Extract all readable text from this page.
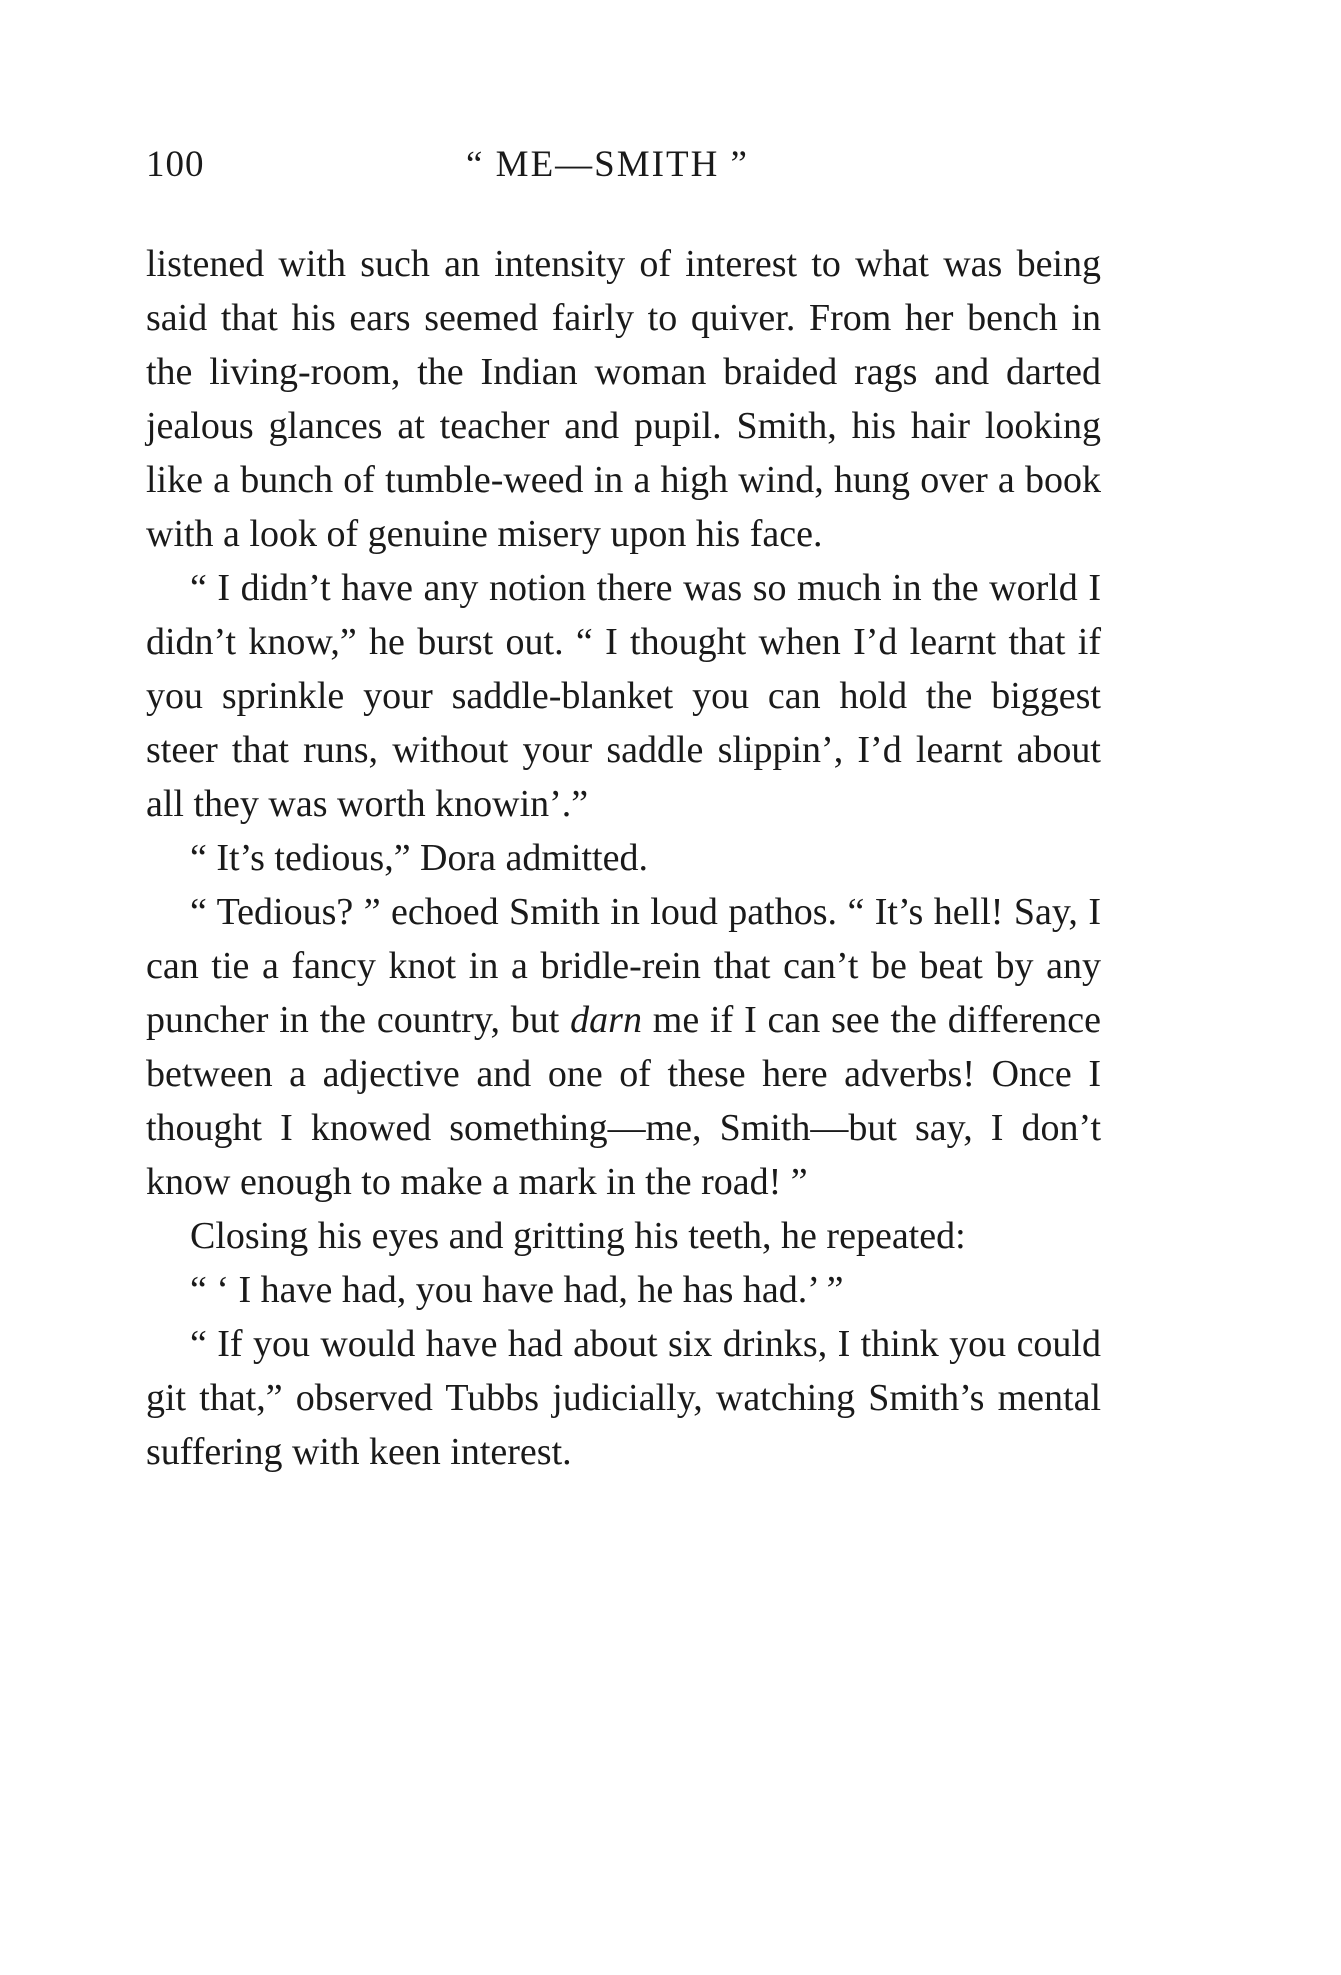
100	“ ME—SMITH ”

listened with such an intensity of interest to what was being said that his ears seemed fairly to quiver. From her bench in the living-room, the Indian woman braided rags and darted jealous glances at teacher and pupil. Smith, his hair looking like a bunch of tumble-weed in a high wind, hung over a book with a look of genuine misery upon his face.

“ I didn’t have any notion there was so much in the world I didn’t know,” he burst out. “ I thought when I’d learnt that if you sprinkle your saddle-blanket you can hold the biggest steer that runs, without your saddle slippin’, I’d learnt about all they was worth knowin’.”

“ It’s tedious,” Dora admitted.

“ Tedious? ” echoed Smith in loud pathos. “ It’s hell! Say, I can tie a fancy knot in a bridle-rein that can’t be beat by any puncher in the country, but darn me if I can see the difference between a adjective and one of these here adverbs! Once I thought I knowed something—me, Smith—but say, I don’t know enough to make a mark in the road! ”

Closing his eyes and gritting his teeth, he repeated:

“ ‘ I have had, you have had, he has had.’ ”

“ If you would have had about six drinks, I think you could git that,” observed Tubbs judicially, watching Smith’s mental suffering with keen interest.
